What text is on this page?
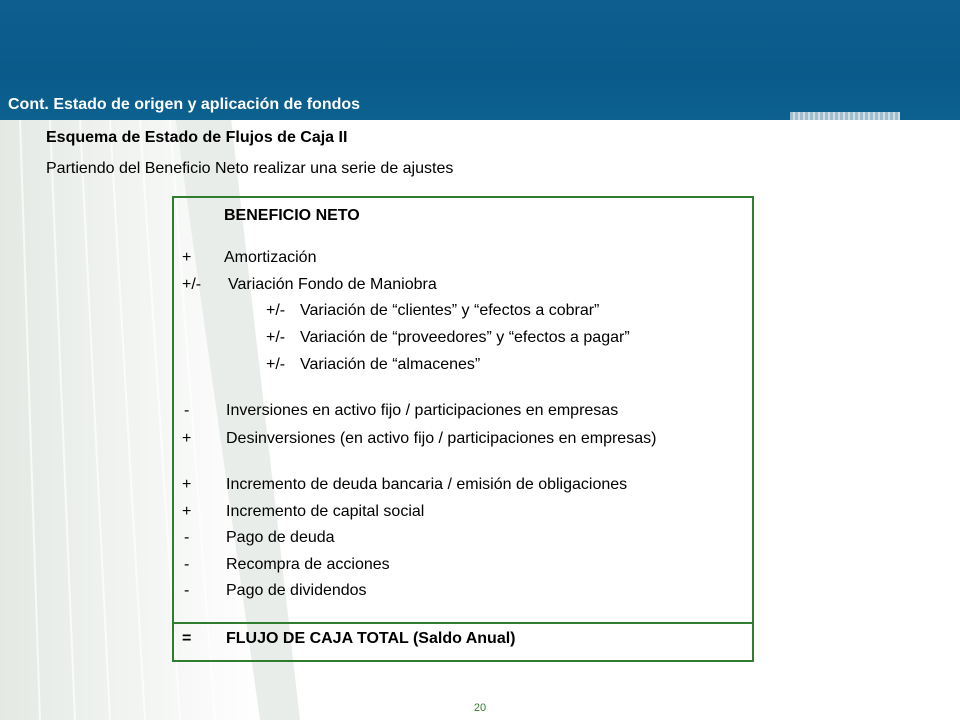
Cont. Estado de origen y aplicación de fondos
Esquema de Estado de Flujos de Caja II
Partiendo del Beneficio Neto realizar una serie de ajustes
BENEFICIO NETO
+ Amortización
+/- Variación Fondo de Maniobra
+/- Variación de “clientes” y “efectos a cobrar”
+/- Variación de “proveedores” y “efectos a pagar”
+/- Variación de “almacenes”
- Inversiones en activo fijo / participaciones en empresas
+ Desinversiones (en activo fijo / participaciones en empresas)
+ Incremento de deuda bancaria / emisión de obligaciones
+ Incremento de capital social
- Pago de deuda
- Recompra de acciones
- Pago de dividendos
= FLUJO DE CAJA TOTAL (Saldo Anual)
20
